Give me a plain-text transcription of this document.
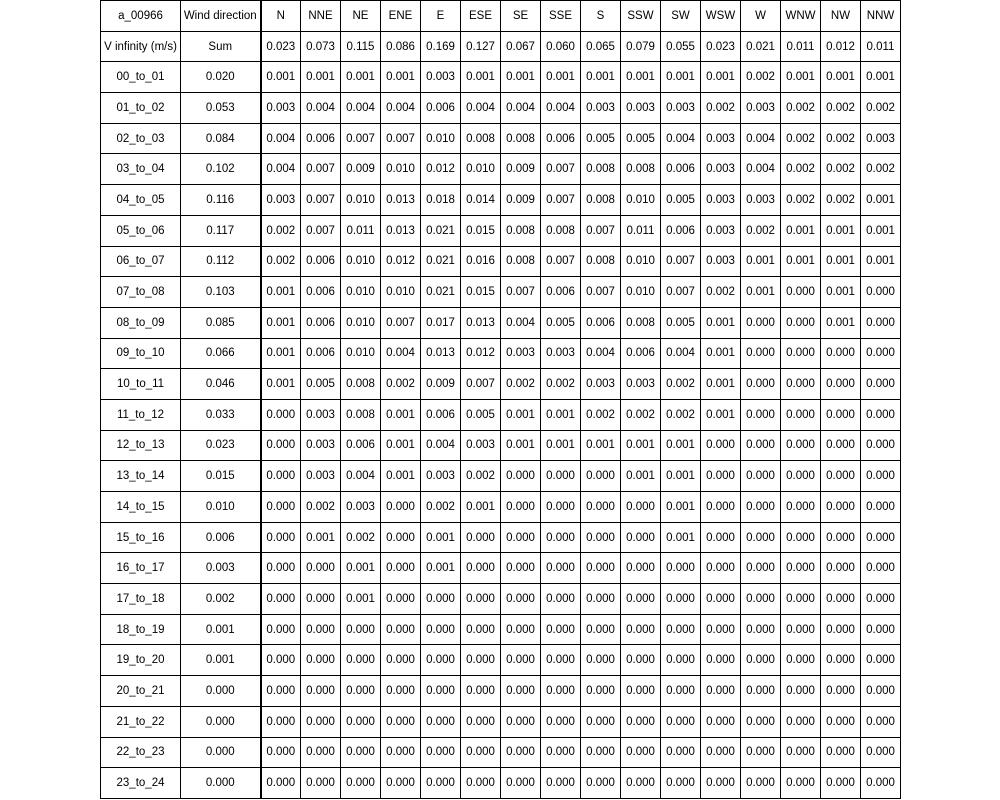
a_00966	Wind direction	N	NNE	NE	ENE	E	ESE	SE	SSE	S	SSW	SW	WSW	W	WNW	NW	NNW
V infinity (m/s)	Sum	0.023	0.073	0.115	0.086	0.169	0.127	0.067	0.060	0.065	0.079	0.055	0.023	0.021	0.011	0.012	0.011
00_to_01	0.020	0.001	0.001	0.001	0.001	0.003	0.001	0.001	0.001	0.001	0.001	0.001	0.001	0.002	0.001	0.001	0.001
01_to_02	0.053	0.003	0.004	0.004	0.004	0.006	0.004	0.004	0.004	0.003	0.003	0.003	0.002	0.003	0.002	0.002	0.002
02_to_03	0.084	0.004	0.006	0.007	0.007	0.010	0.008	0.008	0.006	0.005	0.005	0.004	0.003	0.004	0.002	0.002	0.003
03_to_04	0.102	0.004	0.007	0.009	0.010	0.012	0.010	0.009	0.007	0.008	0.008	0.006	0.003	0.004	0.002	0.002	0.002
04_to_05	0.116	0.003	0.007	0.010	0.013	0.018	0.014	0.009	0.007	0.008	0.010	0.005	0.003	0.003	0.002	0.002	0.001
05_to_06	0.117	0.002	0.007	0.011	0.013	0.021	0.015	0.008	0.008	0.007	0.011	0.006	0.003	0.002	0.001	0.001	0.001
06_to_07	0.112	0.002	0.006	0.010	0.012	0.021	0.016	0.008	0.007	0.008	0.010	0.007	0.003	0.001	0.001	0.001	0.001
07_to_08	0.103	0.001	0.006	0.010	0.010	0.021	0.015	0.007	0.006	0.007	0.010	0.007	0.002	0.001	0.000	0.001	0.000
08_to_09	0.085	0.001	0.006	0.010	0.007	0.017	0.013	0.004	0.005	0.006	0.008	0.005	0.001	0.000	0.000	0.001	0.000
09_to_10	0.066	0.001	0.006	0.010	0.004	0.013	0.012	0.003	0.003	0.004	0.006	0.004	0.001	0.000	0.000	0.000	0.000
10_to_11	0.046	0.001	0.005	0.008	0.002	0.009	0.007	0.002	0.002	0.003	0.003	0.002	0.001	0.000	0.000	0.000	0.000
11_to_12	0.033	0.000	0.003	0.008	0.001	0.006	0.005	0.001	0.001	0.002	0.002	0.002	0.001	0.000	0.000	0.000	0.000
12_to_13	0.023	0.000	0.003	0.006	0.001	0.004	0.003	0.001	0.001	0.001	0.001	0.001	0.000	0.000	0.000	0.000	0.000
13_to_14	0.015	0.000	0.003	0.004	0.001	0.003	0.002	0.000	0.000	0.000	0.001	0.001	0.000	0.000	0.000	0.000	0.000
14_to_15	0.010	0.000	0.002	0.003	0.000	0.002	0.001	0.000	0.000	0.000	0.000	0.001	0.000	0.000	0.000	0.000	0.000
15_to_16	0.006	0.000	0.001	0.002	0.000	0.001	0.000	0.000	0.000	0.000	0.000	0.001	0.000	0.000	0.000	0.000	0.000
16_to_17	0.003	0.000	0.000	0.001	0.000	0.001	0.000	0.000	0.000	0.000	0.000	0.000	0.000	0.000	0.000	0.000	0.000
17_to_18	0.002	0.000	0.000	0.001	0.000	0.000	0.000	0.000	0.000	0.000	0.000	0.000	0.000	0.000	0.000	0.000	0.000
18_to_19	0.001	0.000	0.000	0.000	0.000	0.000	0.000	0.000	0.000	0.000	0.000	0.000	0.000	0.000	0.000	0.000	0.000
19_to_20	0.001	0.000	0.000	0.000	0.000	0.000	0.000	0.000	0.000	0.000	0.000	0.000	0.000	0.000	0.000	0.000	0.000
20_to_21	0.000	0.000	0.000	0.000	0.000	0.000	0.000	0.000	0.000	0.000	0.000	0.000	0.000	0.000	0.000	0.000	0.000
21_to_22	0.000	0.000	0.000	0.000	0.000	0.000	0.000	0.000	0.000	0.000	0.000	0.000	0.000	0.000	0.000	0.000	0.000
22_to_23	0.000	0.000	0.000	0.000	0.000	0.000	0.000	0.000	0.000	0.000	0.000	0.000	0.000	0.000	0.000	0.000	0.000
23_to_24	0.000	0.000	0.000	0.000	0.000	0.000	0.000	0.000	0.000	0.000	0.000	0.000	0.000	0.000	0.000	0.000	0.000
